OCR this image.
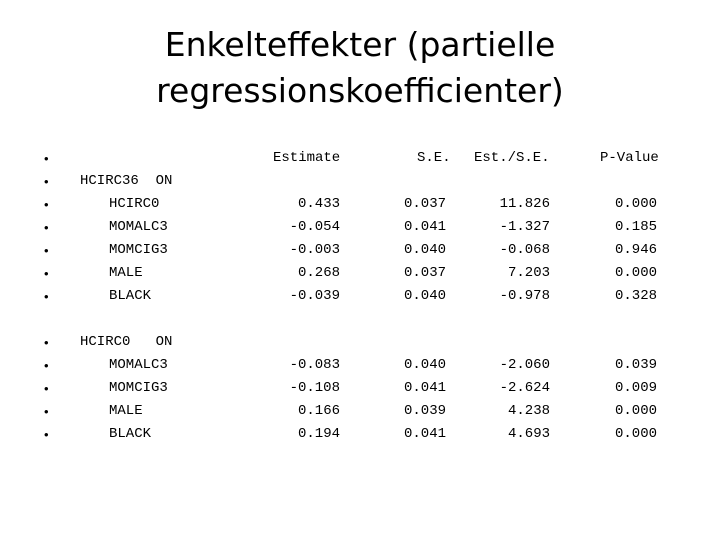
Enkelteffekter (partielle
regressionskoefficienter)
•	Estimate	S.E. Est./S.E.	P-Value
• HCIRC36  ON
•	HCIRC0	0.433	0.037	11.826	0.000
•	MOMALC3	-0.054	0.041	-1.327	0.185
•	MOMCIG3	-0.003	0.040	-0.068	0.946
•	MALE	0.268	0.037	7.203	0.000
•	BLACK	-0.039	0.040	-0.978	0.328
• HCIRC0   ON
•	MOMALC3	-0.083	0.040	-2.060	0.039
•	MOMCIG3	-0.108	0.041	-2.624	0.009
•	MALE	0.166	0.039	4.238	0.000
•	BLACK	0.194	0.041	4.693	0.000
